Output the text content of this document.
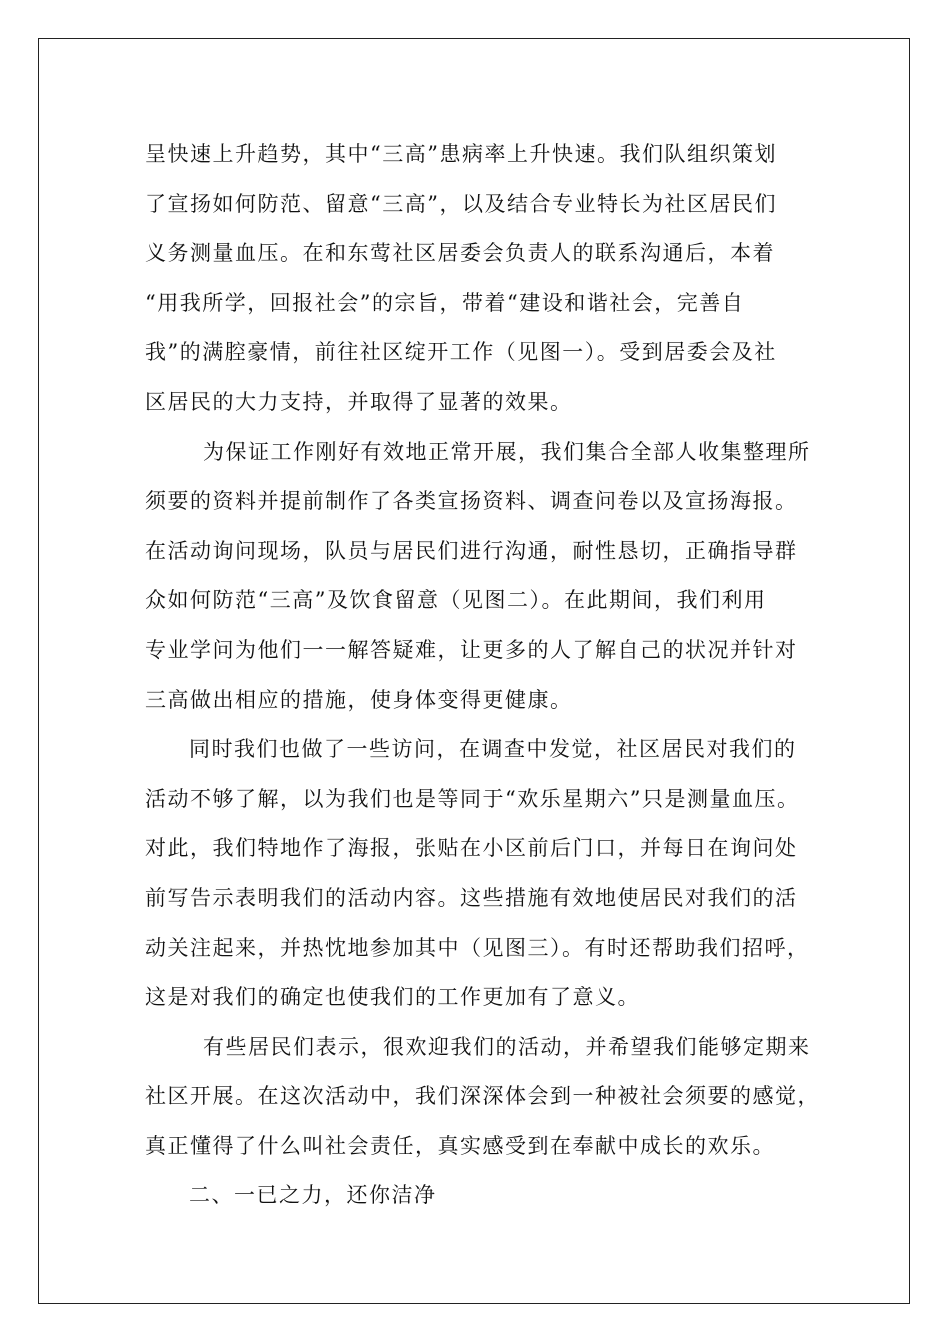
呈快速上升趋势，其中“三高”患病率上升快速。我们队组织策划
了宣扬如何防范、留意“三高”，以及结合专业特长为社区居民们
义务测量血压。在和东莺社区居委会负责人的联系沟通后，本着
“用我所学，回报社会”的宗旨，带着“建设和谐社会，完善自
我”的满腔豪情，前往社区绽开工作（见图一）。受到居委会及社
区居民的大力支持，并取得了显著的效果。
为保证工作刚好有效地正常开展，我们集合全部人收集整理所
须要的资料并提前制作了各类宣扬资料、调查问卷以及宣扬海报。
在活动询问现场，队员与居民们进行沟通，耐性恳切，正确指导群
众如何防范“三高”及饮食留意（见图二）。在此期间，我们利用
专业学问为他们一一解答疑难，让更多的人了解自己的状况并针对
三高做出相应的措施，使身体变得更健康。
同时我们也做了一些访问，在调查中发觉，社区居民对我们的
活动不够了解，以为我们也是等同于“欢乐星期六”只是测量血压。
对此，我们特地作了海报，张贴在小区前后门口，并每日在询问处
前写告示表明我们的活动内容。这些措施有效地使居民对我们的活
动关注起来，并热忱地参加其中（见图三）。有时还帮助我们招呼，
这是对我们的确定也使我们的工作更加有了意义。
有些居民们表示，很欢迎我们的活动，并希望我们能够定期来
社区开展。在这次活动中，我们深深体会到一种被社会须要的感觉，
真正懂得了什么叫社会责任，真实感受到在奉献中成长的欢乐。
二、一已之力，还你洁净
